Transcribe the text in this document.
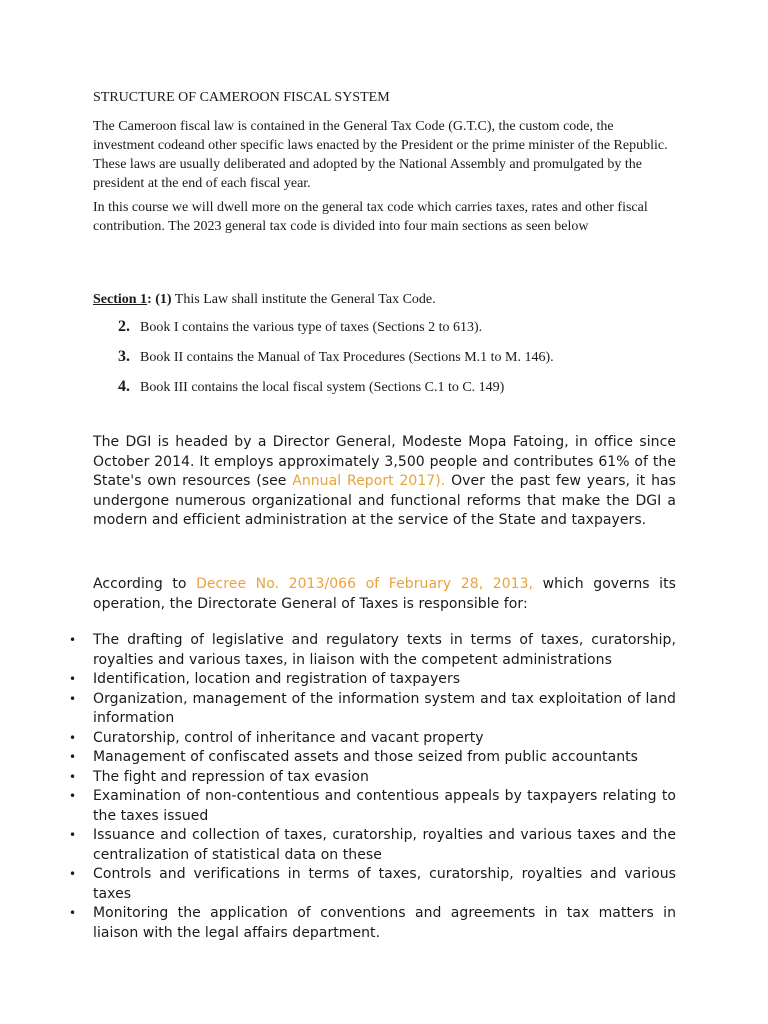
STRUCTURE OF CAMEROON FISCAL SYSTEM

The Cameroon fiscal law is contained in the General Tax Code (G.T.C), the custom code, the investment codeand other specific laws enacted by the President or the prime minister of the Republic. These laws are usually deliberated and adopted by the National Assembly and promulgated by the president at the end of each fiscal year.

In this course we will dwell more on the general tax code which carries taxes, rates and other fiscal contribution. The 2023 general tax code is divided into four main sections as seen below

Section 1: (1) This Law shall institute the General Tax Code.

2. Book I contains the various type of taxes (Sections 2 to 613).

3. Book II contains the Manual of Tax Procedures (Sections M.1 to M. 146).

4. Book III contains the local fiscal system (Sections C.1 to C. 149)

The DGI is headed by a Director General, Modeste Mopa Fatoing, in office since October 2014. It employs approximately 3,500 people and contributes 61% of the State's own resources (see Annual Report 2017). Over the past few years, it has undergone numerous organizational and functional reforms that make the DGI a modern and efficient administration at the service of the State and taxpayers.

According to Decree No. 2013/066 of February 28, 2013, which governs its operation, the Directorate General of Taxes is responsible for:

• The drafting of legislative and regulatory texts in terms of taxes, curatorship, royalties and various taxes, in liaison with the competent administrations
• Identification, location and registration of taxpayers
• Organization, management of the information system and tax exploitation of land information
• Curatorship, control of inheritance and vacant property
• Management of confiscated assets and those seized from public accountants
• The fight and repression of tax evasion
• Examination of non-contentious and contentious appeals by taxpayers relating to the taxes issued
• Issuance and collection of taxes, curatorship, royalties and various taxes and the centralization of statistical data on these
• Controls and verifications in terms of taxes, curatorship, royalties and various taxes
• Monitoring the application of conventions and agreements in tax matters in liaison with the legal affairs department.
